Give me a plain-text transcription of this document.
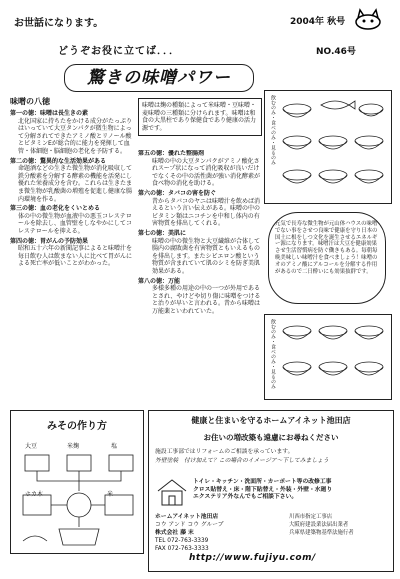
お世話になります。	2004年 秋号
どうぞお役に立てば．．．	NO.46号
驚きの味噌パワー
味噌の八徳
第一の徳：味噌は長生きの素
北化国家に持ちたをかける成分がたっぷりはいっていて大豆タンパクが微生物によって分解されてできたアミノ酸とリノール酸とビタミンEが総合的に能力を発揮して血管・体細胞・脳細胞の老化を予防する。
第二の徳：驚異的な生活効果がある
命題酒などの生きた微生物が消化吸収して鉄分酸素を分解する酵素の機能を活発にし優れた栄養成分を含む。これらは生きたまま微生物が乳酸菌の増殖を促進し健康な腸内環境を作る。
第三の徳：血の老化をくいとめる
体の中の微生物が血液中の悪玉コレステロールを除去し、血管壁をしなやかにしてコレステロールを抑える。
第四の徳：胃がんの予防効果
昭和五十六年の新聞記事によると味噌汁を毎日飲む人は飲まない人に比べて胃がんによる死亡率が低いことがわかった。
味噌は麹の種類によって米味噌・豆味噌・麦味噌の三種類に分けられます。味噌は和食の大黒柱であり保健食であり健康の活力源です。
第五の徳：優れた整腸剤
味噌の中の大豆タンパクがアミノ酸化されスープ状になって消化吸収が良いだけでなくその中の活性菌が強い消化酵素が食べ物の消化を助ける。
第六の徳：タバコの害を防ぐ
昔からタバコのヤニは味噌汁を飲めば消えるという言い伝えがある。味噌の中のビタミン類はニコチンを中和し体内の有害物質を排出してくれる。
第七の徳：美肌に
味噌の中の微生物と大豆繊維が合体して腸内の腐敗菌を有害物質ともいえるものを排出します。またシビエロン酸という物質が含まれていて肌のシミを防ぎ美肌効果がある。
第八の徳：万能
多様多種の用途の中の一つが外用であるとされ、やけどや切り傷に味噌をつけると治りが早いと言われる。昔から味噌は万能薬といわれていた。
飲むのみ・食べのみ・見るのみ
元気で長寿な微生物が元山体ハウスの味噌でない事をさせつ良味で健康を守り日本の国土に根をしつ文化を誕生させるエネルギー源になります。味噌汁は大豆を健康効果させ生活習慣病を防ぐ働きもある。毎朝毎晩美味しい味噌汁を食べましょう！味噌のオのアミノ酸にアルコールを分解する作用があるので二日酔いにも効果抜群です。
飲むのみ・食べのみ・見るのみ
みその作り方
大豆	米麹	塩
ホカ木	米
健康と住まいを守るホームアイネット池田店
お住いの増改築も遠慮にお尋ねください
施設工事部ではリフォームのご相談を承っています。
外壁塗装　付け加えて？この場合のイメージア～下してみましょう
トイレ・キッチン・洗面所・カーポート等の改修工事
クロス貼替え・床・階下貼替え・外装・外壁・水廻り
エクステリア外なんでもご相談下さい。
ホームアイネット池田店
コウ アンド コウ グループ
株式会社 藤 末
TEL 072-763-3339
FAX 072-763-3333
川西市指定工事店
大阪府建設業法届出業者
兵庫県建築物基準法施行者
http://www.fujiyu.com/
